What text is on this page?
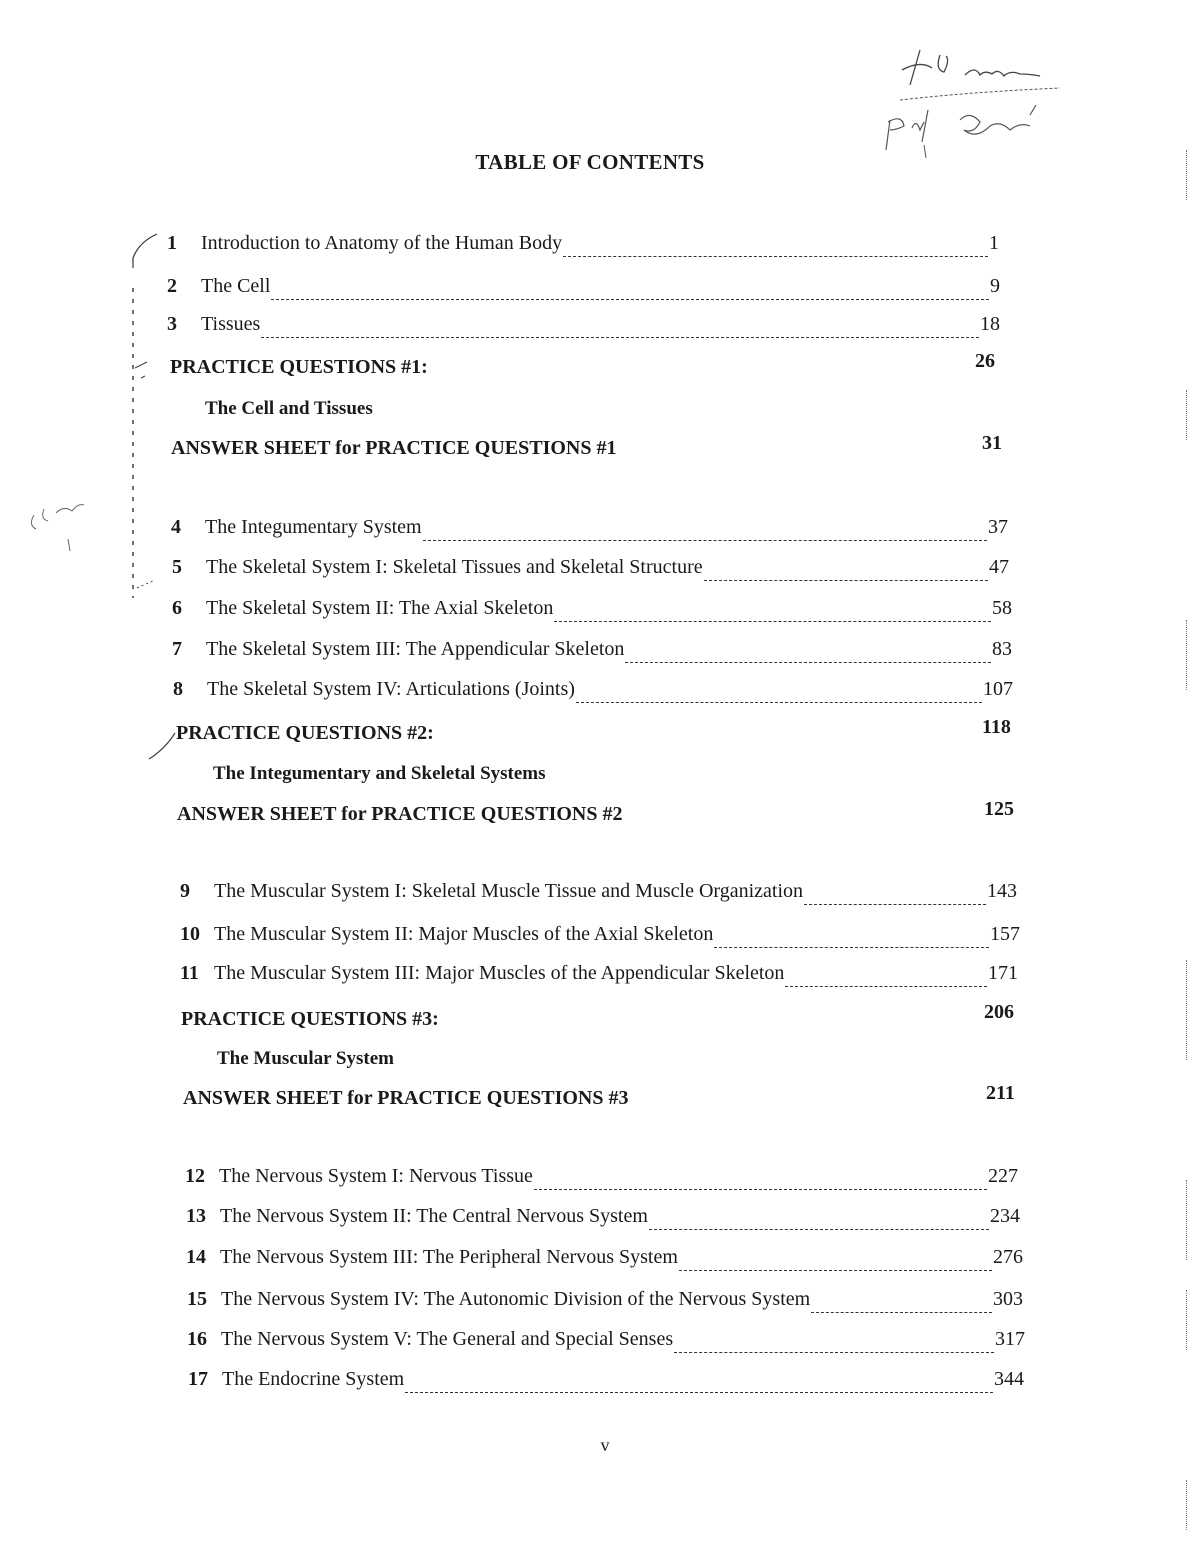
TABLE OF CONTENTS
1	Introduction to Anatomy of the Human Body	1
2	The Cell	9
3	Tissues	18
PRACTICE QUESTIONS #1:	26
The Cell and Tissues
ANSWER SHEET for PRACTICE QUESTIONS #1	31
4	The Integumentary System	37
5	The Skeletal System I: Skeletal Tissues and Skeletal Structure	47
6	The Skeletal System II: The Axial Skeleton	58
7	The Skeletal System III: The Appendicular Skeleton	83
8	The Skeletal System IV: Articulations (Joints)	107
PRACTICE QUESTIONS #2:	118
The Integumentary and Skeletal Systems
ANSWER SHEET for PRACTICE QUESTIONS #2	125
9	The Muscular System I: Skeletal Muscle Tissue and Muscle Organization	143
10 The Muscular System II: Major Muscles of the Axial Skeleton	157
11 The Muscular System III: Major Muscles of the Appendicular Skeleton	171
PRACTICE QUESTIONS #3:	206
The Muscular System
ANSWER SHEET for PRACTICE QUESTIONS #3	211
12 The Nervous System I: Nervous Tissue	227
13 The Nervous System II: The Central Nervous System	234
14 The Nervous System III: The Peripheral Nervous System	276
15 The Nervous System IV: The Autonomic Division of the Nervous System	303
16 The Nervous System V: The General and Special Senses	317
17 The Endocrine System	344
v
